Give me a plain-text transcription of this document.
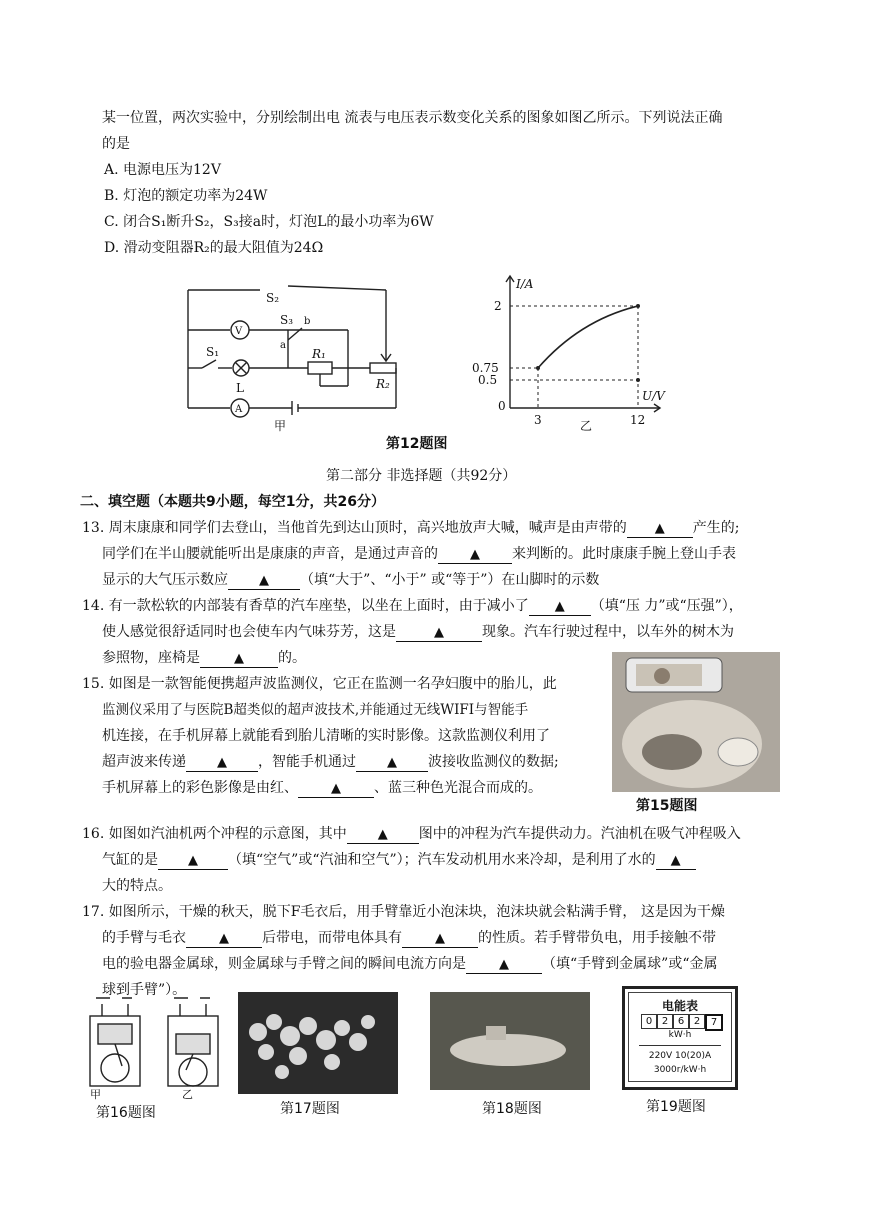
某一位置，两次实验中，分别绘制出电 流表与电压表示数变化关系的图象如图乙所示。下列说法正确
的是
A. 电源电压为12V
B. 灯泡的额定功率为24W
C. 闭合S₁断升S₂，S₃接a时，灯泡L的最小功率为6W
D. 滑动变阻器R₂的最大阻值为24Ω
S₂
V
S₃ b
a
S₁
L
R₁
R₂
A
甲
I/A
U/V
2
0.75
0.5
0
3	12
乙
第12题图
第二部分 非选择题（共92分）
二、填空题（本题共9小题，每空1分，共26分）
13. 周末康康和同学们去登山，当他首先到达山顶时，高兴地放声大喊，喊声是由声带的 ▲ 产生的;
同学们在半山腰就能听出是康康的声音，是通过声音的 ▲ 来判断的。此时康康手腕上登山手表
显示的大气压示数应 ▲ （填“大于”、“小于” 或“等于”）在山脚时的示数
14. 有一款松软的内部装有香草的汽车座垫，以坐在上面时，由于减小了 ▲ （填“压 力”或“压强”），
使人感觉很舒适同时也会使车内气味芬芳，这是	▲	现象。汽车行驶过程中，以车外的树木为
参照物，座椅是	▲ 的。
15. 如图是一款智能便携超声波监测仪，它正在监测一名孕妇腹中的胎儿，此
监测仪采用了与医院B超类似的超声波技术,并能通过无线WIFI与智能手
机连接，在手机屏幕上就能看到胎儿清晰的实时影像。这款监测仪利用了
超声波来传递 ▲ ，智能手机通过 ▲ 波接收监测仪的数据;
手机屏幕上的彩色影像是由红、	▲ 、蓝三种色光混合而成的。
第15题图
16. 如图如汽油机两个冲程的示意图，其中 ▲ 图中的冲程为汽车提供动力。汽油机在吸气冲程吸入
气缸的是 ▲ （填“空气”或“汽油和空气”）；汽车发动机用水来冷却，是利用了水的 ▲
大的特点。
17. 如图所示，干燥的秋天，脱下F毛衣后，用手臂靠近小泡沫块，泡沫块就会粘满手臂， 这是因为干燥
的手臂与毛衣	▲ 后带电，而带电体具有	▲ 的性质。若手臂带负电，用手接触不带
电的验电器金属球，则金属球与手臂之间的瞬间电流方向是	▲ （填“手臂到金属球”或“金属
球到手臂”）。
甲	乙
第16题图	第17题图	第18题图
电能表
0 2 6 2	7
kW·h
220V 10(20)A
3000r/kW·h
第19题图
